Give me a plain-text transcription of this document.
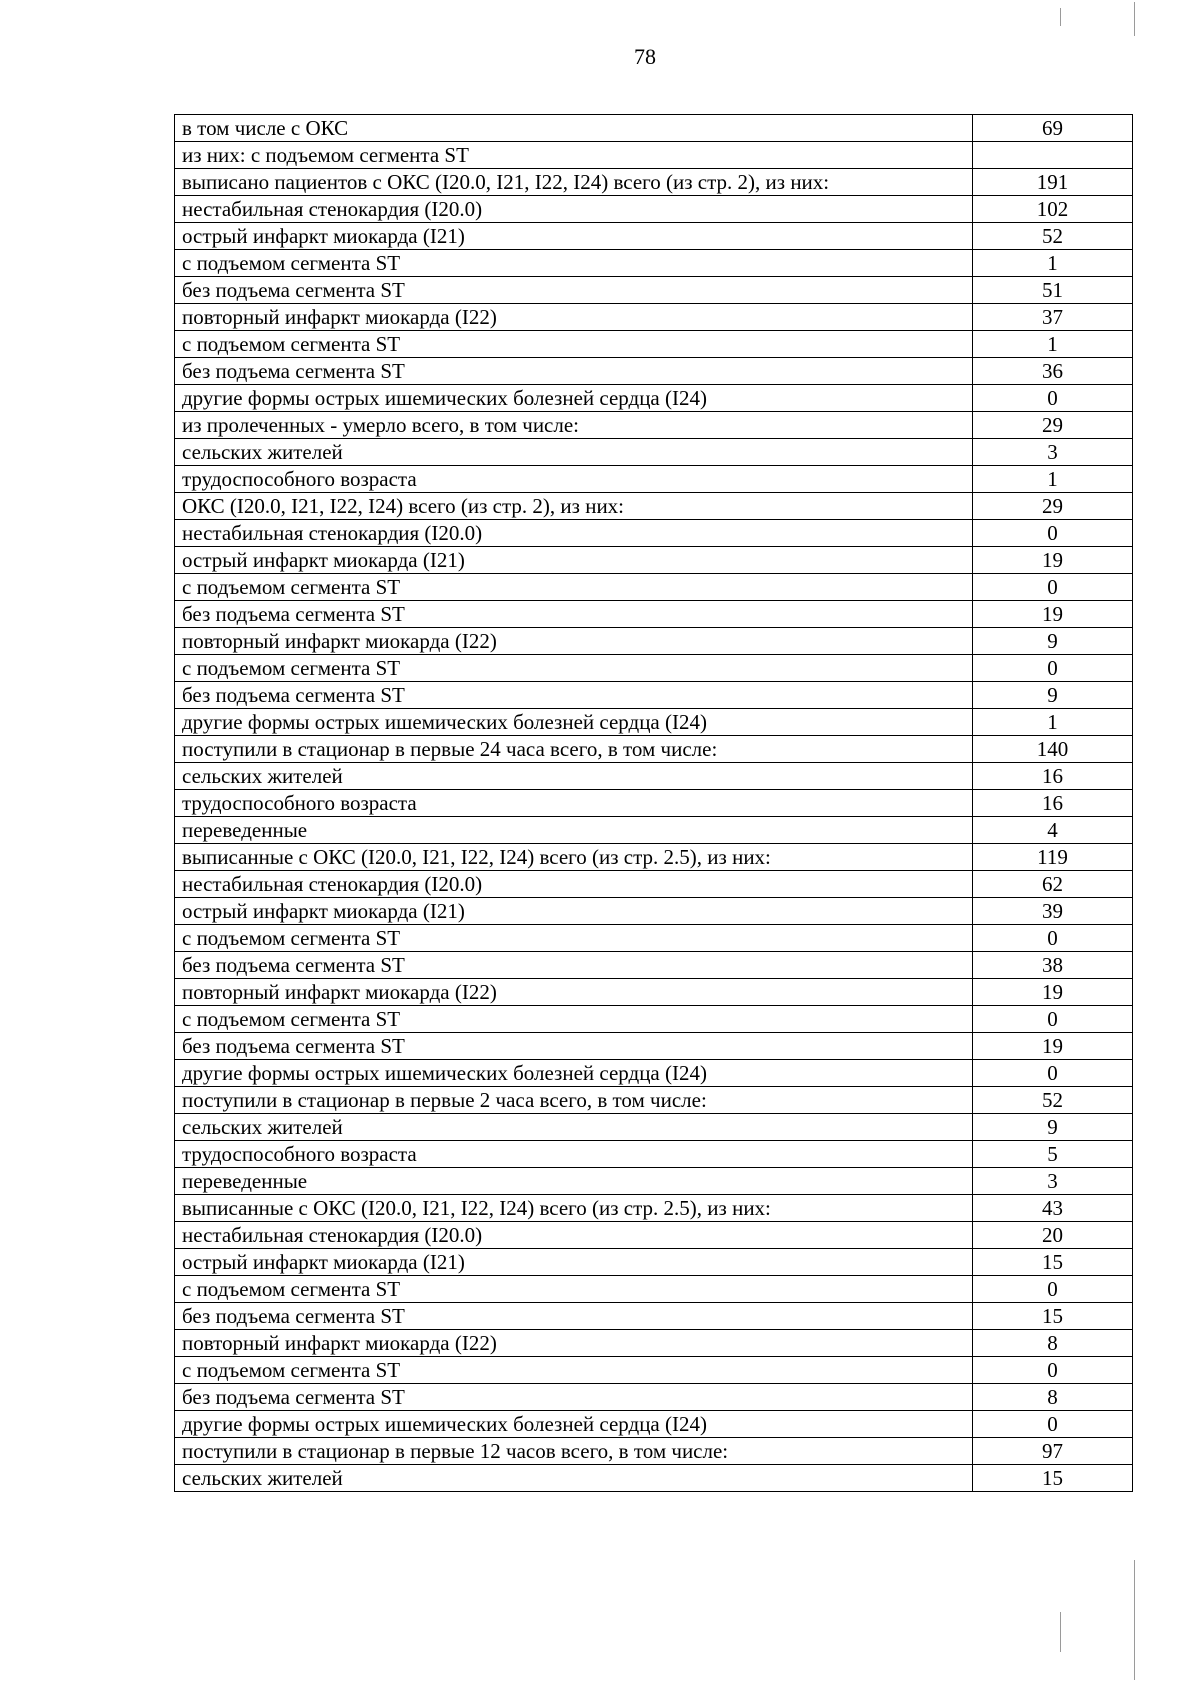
78
в том числе с ОКС	69
из них: с подъемом сегмента ST	
выписано пациентов с ОКС (I20.0, I21, I22, I24) всего (из стр. 2), из них:	191
нестабильная стенокардия (I20.0)	102
острый инфаркт миокарда (I21)	52
с подъемом сегмента ST	1
без подъема сегмента ST	51
повторный инфаркт миокарда (I22)	37
с подъемом сегмента ST	1
без подъема сегмента ST	36
другие формы острых ишемических болезней сердца (I24)	0
из пролеченных - умерло всего, в том числе:	29
сельских жителей	3
трудоспособного возраста	1
ОКС (I20.0, I21, I22, I24) всего (из стр. 2), из них:	29
нестабильная стенокардия (I20.0)	0
острый инфаркт миокарда (I21)	19
с подъемом сегмента ST	0
без подъема сегмента ST	19
повторный инфаркт миокарда (I22)	9
с подъемом сегмента ST	0
без подъема сегмента ST	9
другие формы острых ишемических болезней сердца (I24)	1
поступили в стационар в первые 24 часа всего, в том числе:	140
сельских жителей	16
трудоспособного возраста	16
переведенные	4
выписанные с ОКС (I20.0, I21, I22, I24) всего (из стр. 2.5), из них:	119
нестабильная стенокардия (I20.0)	62
острый инфаркт миокарда (I21)	39
с подъемом сегмента ST	0
без подъема сегмента ST	38
повторный инфаркт миокарда (I22)	19
с подъемом сегмента ST	0
без подъема сегмента ST	19
другие формы острых ишемических болезней сердца (I24)	0
поступили в стационар в первые 2 часа всего, в том числе:	52
сельских жителей	9
трудоспособного возраста	5
переведенные	3
выписанные с ОКС (I20.0, I21, I22, I24) всего (из стр. 2.5), из них:	43
нестабильная стенокардия (I20.0)	20
острый инфаркт миокарда (I21)	15
с подъемом сегмента ST	0
без подъема сегмента ST	15
повторный инфаркт миокарда (I22)	8
с подъемом сегмента ST	0
без подъема сегмента ST	8
другие формы острых ишемических болезней сердца (I24)	0
поступили в стационар в первые 12 часов всего, в том числе:	97
сельских жителей	15
